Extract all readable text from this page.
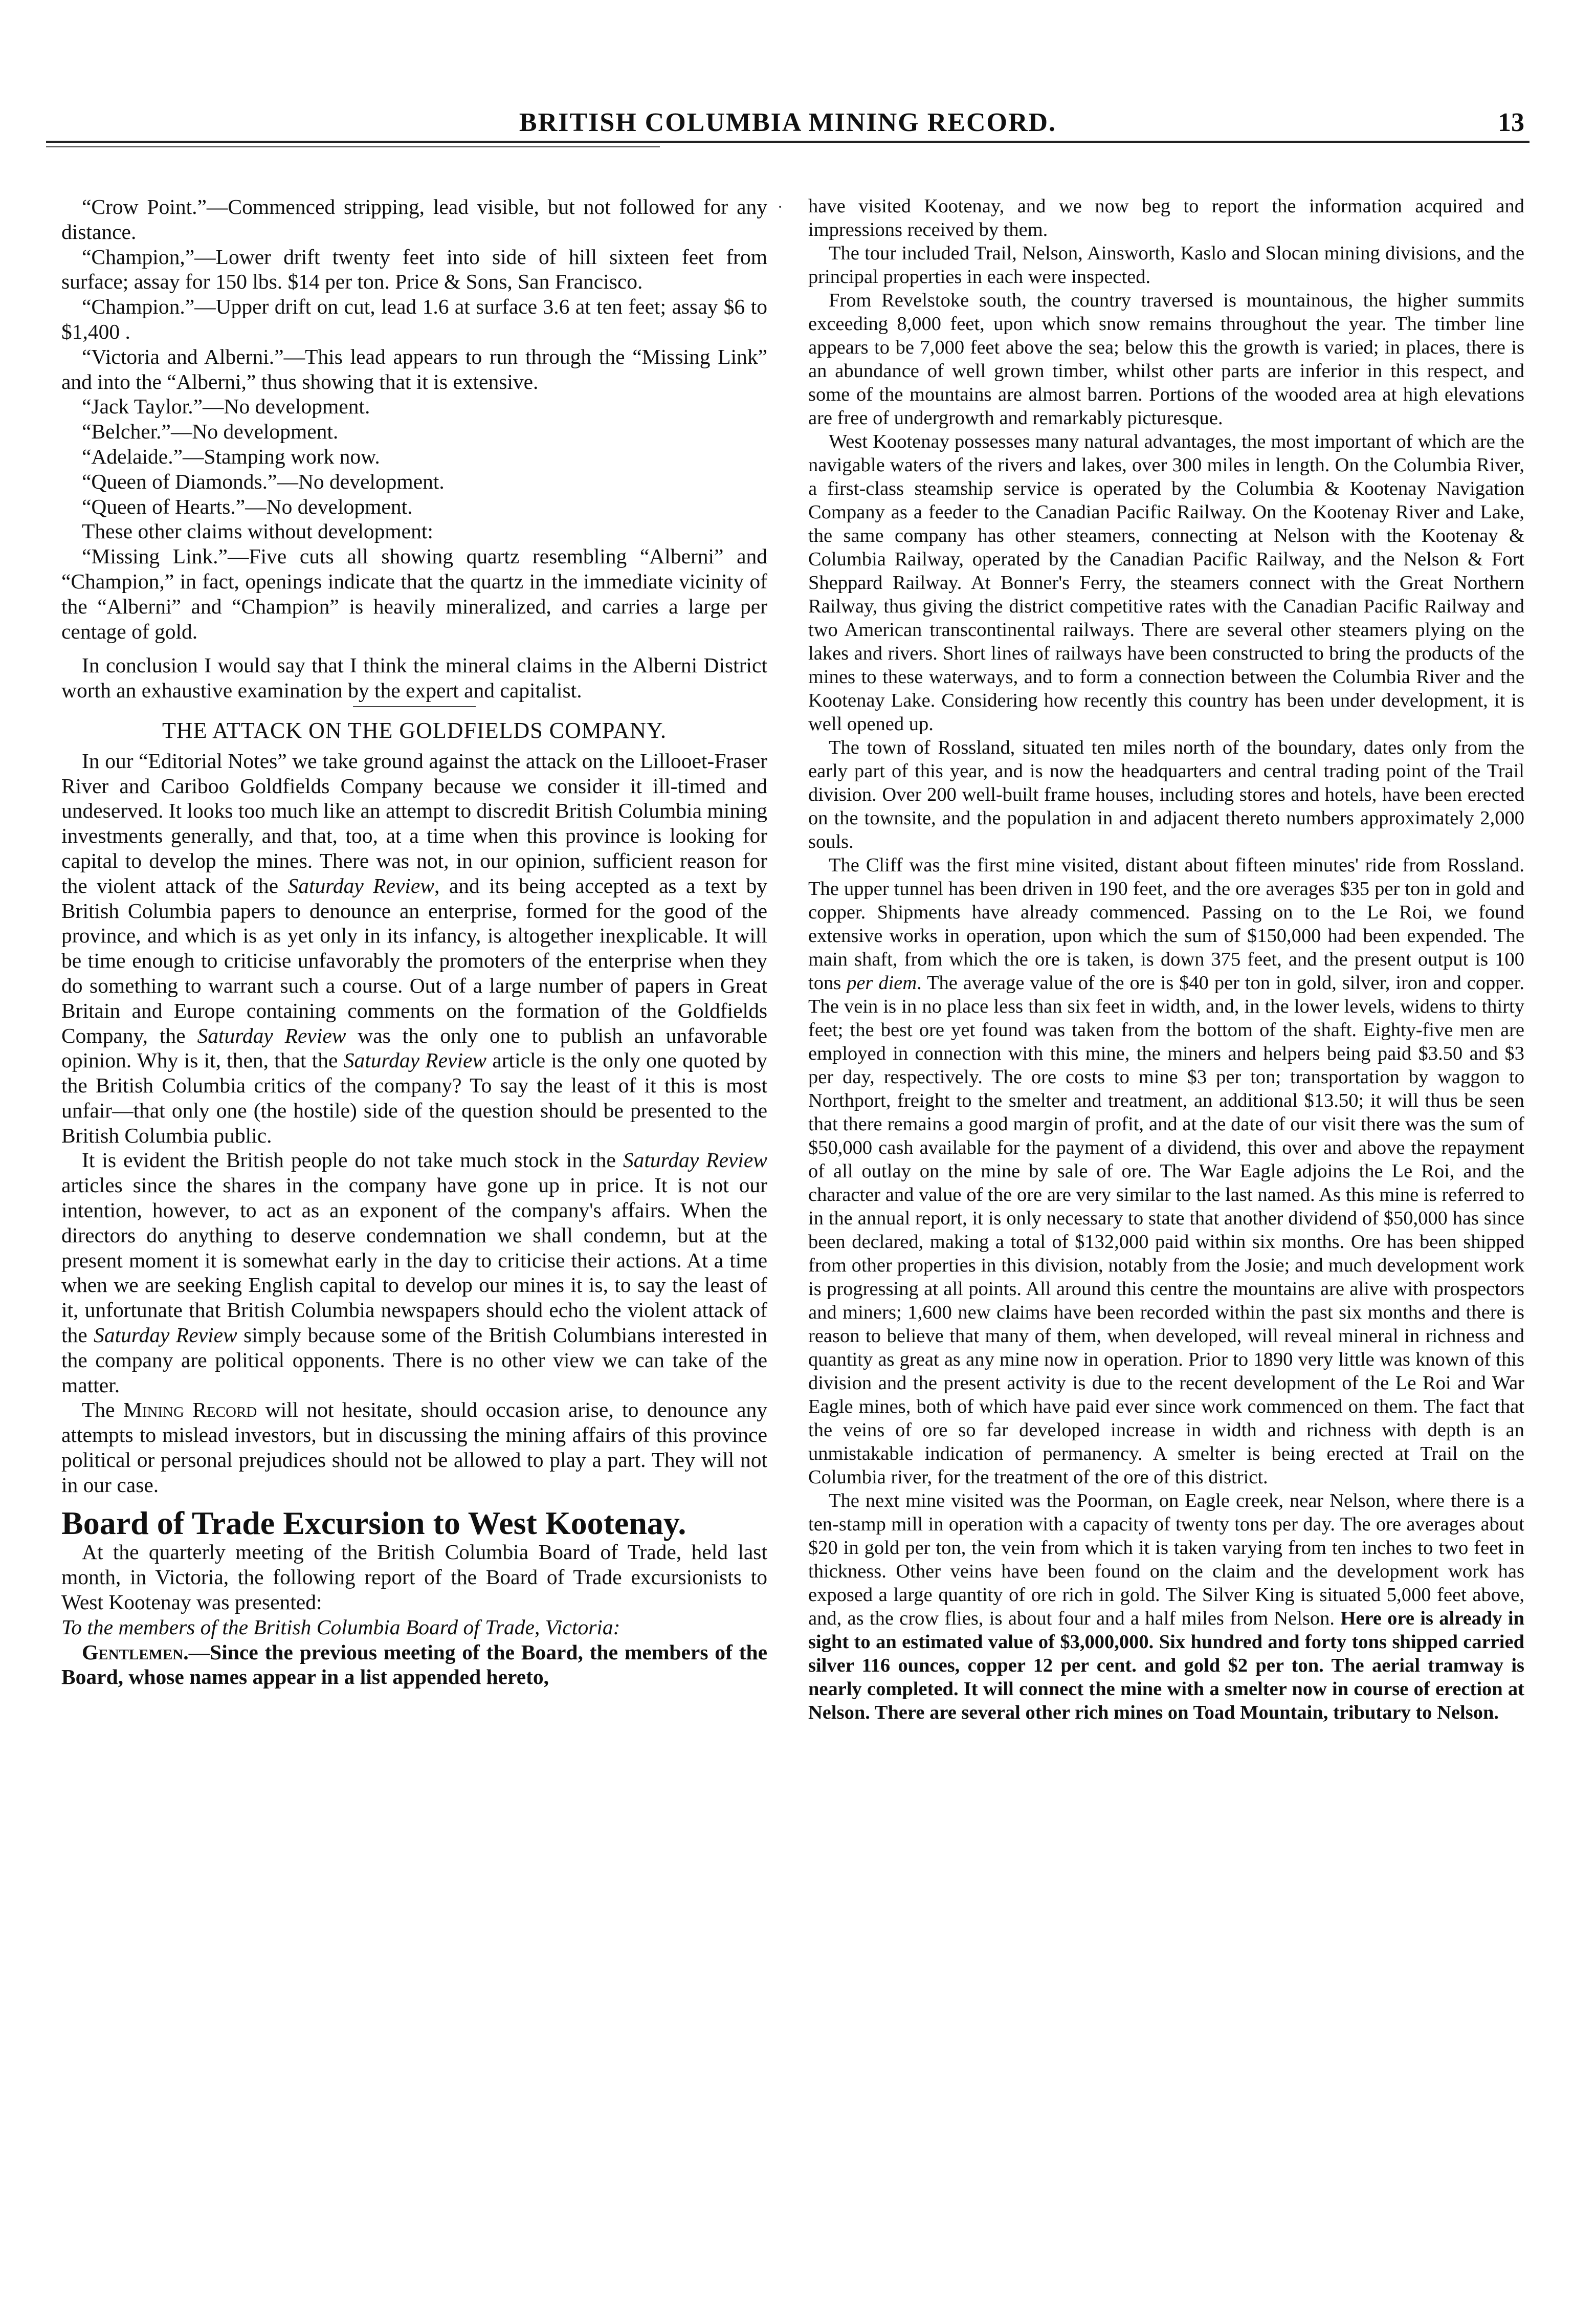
BRITISH COLUMBIA MINING RECORD.	13
·

“Crow Point.”—Commenced stripping, lead visible, but not followed for any distance.

“Champion,”—Lower drift twenty feet into side of hill sixteen feet from surface; assay for 150 lbs. $14 per ton. Price & Sons, San Francisco.

“Champion.”—Upper drift on cut, lead 1.6 at surface 3.6 at ten feet; assay $6 to $1,400 .

“Victoria and Alberni.”—This lead appears to run through the “Missing Link” and into the “Alberni,” thus showing that it is extensive.

“Jack Taylor.”—No development.

“Belcher.”—No development.

“Adelaide.”—Stamping work now.

“Queen of Diamonds.”—No development.

“Queen of Hearts.”—No development.

These other claims without development:

“Missing Link.”—Five cuts all showing quartz resembling “Alberni” and “Champion,” in fact, openings indicate that the quartz in the immediate vicinity of the “Alberni” and “Champion” is heavily mineralized, and carries a large per centage of gold.

In conclusion I would say that I think the mineral claims in the Alberni District worth an exhaustive examination by the expert and capitalist.

THE ATTACK ON THE GOLDFIELDS COMPANY.

In our “Editorial Notes” we take ground against the attack on the Lillooet-Fraser River and Cariboo Goldfields Company because we consider it ill-timed and undeserved. It looks too much like an attempt to discredit British Columbia mining investments generally, and that, too, at a time when this province is looking for capital to develop the mines. There was not, in our opinion, sufficient reason for the violent attack of the Saturday Review, and its being accepted as a text by British Columbia papers to denounce an enterprise, formed for the good of the province, and which is as yet only in its infancy, is altogether inexplicable. It will be time enough to criticise unfavorably the promoters of the enterprise when they do something to warrant such a course. Out of a large number of papers in Great Britain and Europe containing comments on the formation of the Goldfields Company, the Saturday Review was the only one to publish an unfavorable opinion. Why is it, then, that the Saturday Review article is the only one quoted by the British Columbia critics of the company? To say the least of it this is most unfair—that only one (the hostile) side of the question should be presented to the British Columbia public.

It is evident the British people do not take much stock in the Saturday Review articles since the shares in the company have gone up in price. It is not our intention, however, to act as an exponent of the company's affairs. When the directors do anything to deserve condemnation we shall condemn, but at the present moment it is somewhat early in the day to criticise their actions. At a time when we are seeking English capital to develop our mines it is, to say the least of it, unfortunate that British Columbia newspapers should echo the violent attack of the Saturday Review simply because some of the British Columbians interested in the company are political opponents. There is no other view we can take of the matter.

The Mining Record will not hesitate, should occasion arise, to denounce any attempts to mislead investors, but in discussing the mining affairs of this province political or personal prejudices should not be allowed to play a part. They will not in our case.

Board of Trade Excursion to West Kootenay.

At the quarterly meeting of the British Columbia Board of Trade, held last month, in Victoria, the following report of the Board of Trade excursionists to West Kootenay was presented:

To the members of the British Columbia Board of Trade, Victoria:

Gentlemen.—Since the previous meeting of the Board, the members of the Board, whose names appear in a list appended hereto,

have visited Kootenay, and we now beg to report the information acquired and impressions received by them.

The tour included Trail, Nelson, Ainsworth, Kaslo and Slocan mining divisions, and the principal properties in each were inspected.

From Revelstoke south, the country traversed is mountainous, the higher summits exceeding 8,000 feet, upon which snow remains throughout the year. The timber line appears to be 7,000 feet above the sea; below this the growth is varied; in places, there is an abundance of well grown timber, whilst other parts are inferior in this respect, and some of the mountains are almost barren. Portions of the wooded area at high elevations are free of undergrowth and remarkably picturesque.

West Kootenay possesses many natural advantages, the most important of which are the navigable waters of the rivers and lakes, over 300 miles in length. On the Columbia River, a first-class steamship service is operated by the Columbia & Kootenay Navigation Company as a feeder to the Canadian Pacific Railway. On the Kootenay River and Lake, the same company has other steamers, connecting at Nelson with the Kootenay & Columbia Railway, operated by the Canadian Pacific Railway, and the Nelson & Fort Sheppard Railway. At Bonner's Ferry, the steamers connect with the Great Northern Railway, thus giving the district competitive rates with the Canadian Pacific Railway and two American transcontinental railways. There are several other steamers plying on the lakes and rivers. Short lines of railways have been constructed to bring the products of the mines to these waterways, and to form a connection between the Columbia River and the Kootenay Lake. Considering how recently this country has been under development, it is well opened up.

The town of Rossland, situated ten miles north of the boundary, dates only from the early part of this year, and is now the headquarters and central trading point of the Trail division. Over 200 well-built frame houses, including stores and hotels, have been erected on the townsite, and the population in and adjacent thereto numbers approximately 2,000 souls.

The Cliff was the first mine visited, distant about fifteen minutes' ride from Rossland. The upper tunnel has been driven in 190 feet, and the ore averages $35 per ton in gold and copper. Shipments have already commenced. Passing on to the Le Roi, we found extensive works in operation, upon which the sum of $150,000 had been expended. The main shaft, from which the ore is taken, is down 375 feet, and the present output is 100 tons per diem. The average value of the ore is $40 per ton in gold, silver, iron and copper. The vein is in no place less than six feet in width, and, in the lower levels, widens to thirty feet; the best ore yet found was taken from the bottom of the shaft. Eighty-five men are employed in connection with this mine, the miners and helpers being paid $3.50 and $3 per day, respectively. The ore costs to mine $3 per ton; transportation by waggon to Northport, freight to the smelter and treatment, an additional $13.50; it will thus be seen that there remains a good margin of profit, and at the date of our visit there was the sum of $50,000 cash available for the payment of a dividend, this over and above the repayment of all outlay on the mine by sale of ore. The War Eagle adjoins the Le Roi, and the character and value of the ore are very similar to the last named. As this mine is referred to in the annual report, it is only necessary to state that another dividend of $50,000 has since been declared, making a total of $132,000 paid within six months. Ore has been shipped from other properties in this division, notably from the Josie; and much development work is progressing at all points. All around this centre the mountains are alive with prospectors and miners; 1,600 new claims have been recorded within the past six months and there is reason to believe that many of them, when developed, will reveal mineral in richness and quantity as great as any mine now in operation. Prior to 1890 very little was known of this division and the present activity is due to the recent development of the Le Roi and War Eagle mines, both of which have paid ever since work commenced on them. The fact that the veins of ore so far developed increase in width and richness with depth is an unmistakable indication of permanency. A smelter is being erected at Trail on the Columbia river, for the treatment of the ore of this district.

The next mine visited was the Poorman, on Eagle creek, near Nelson, where there is a ten-stamp mill in operation with a capacity of twenty tons per day. The ore averages about $20 in gold per ton, the vein from which it is taken varying from ten inches to two feet in thickness. Other veins have been found on the claim and the development work has exposed a large quantity of ore rich in gold. The Silver King is situated 5,000 feet above, and, as the crow flies, is about four and a half miles from Nelson. Here ore is already in sight to an estimated value of $3,000,000. Six hundred and forty tons shipped carried silver 116 ounces, copper 12 per cent. and gold $2 per ton. The aerial tramway is nearly completed. It will connect the mine with a smelter now in course of erection at Nelson. There are several other rich mines on Toad Mountain, tributary to Nelson.
